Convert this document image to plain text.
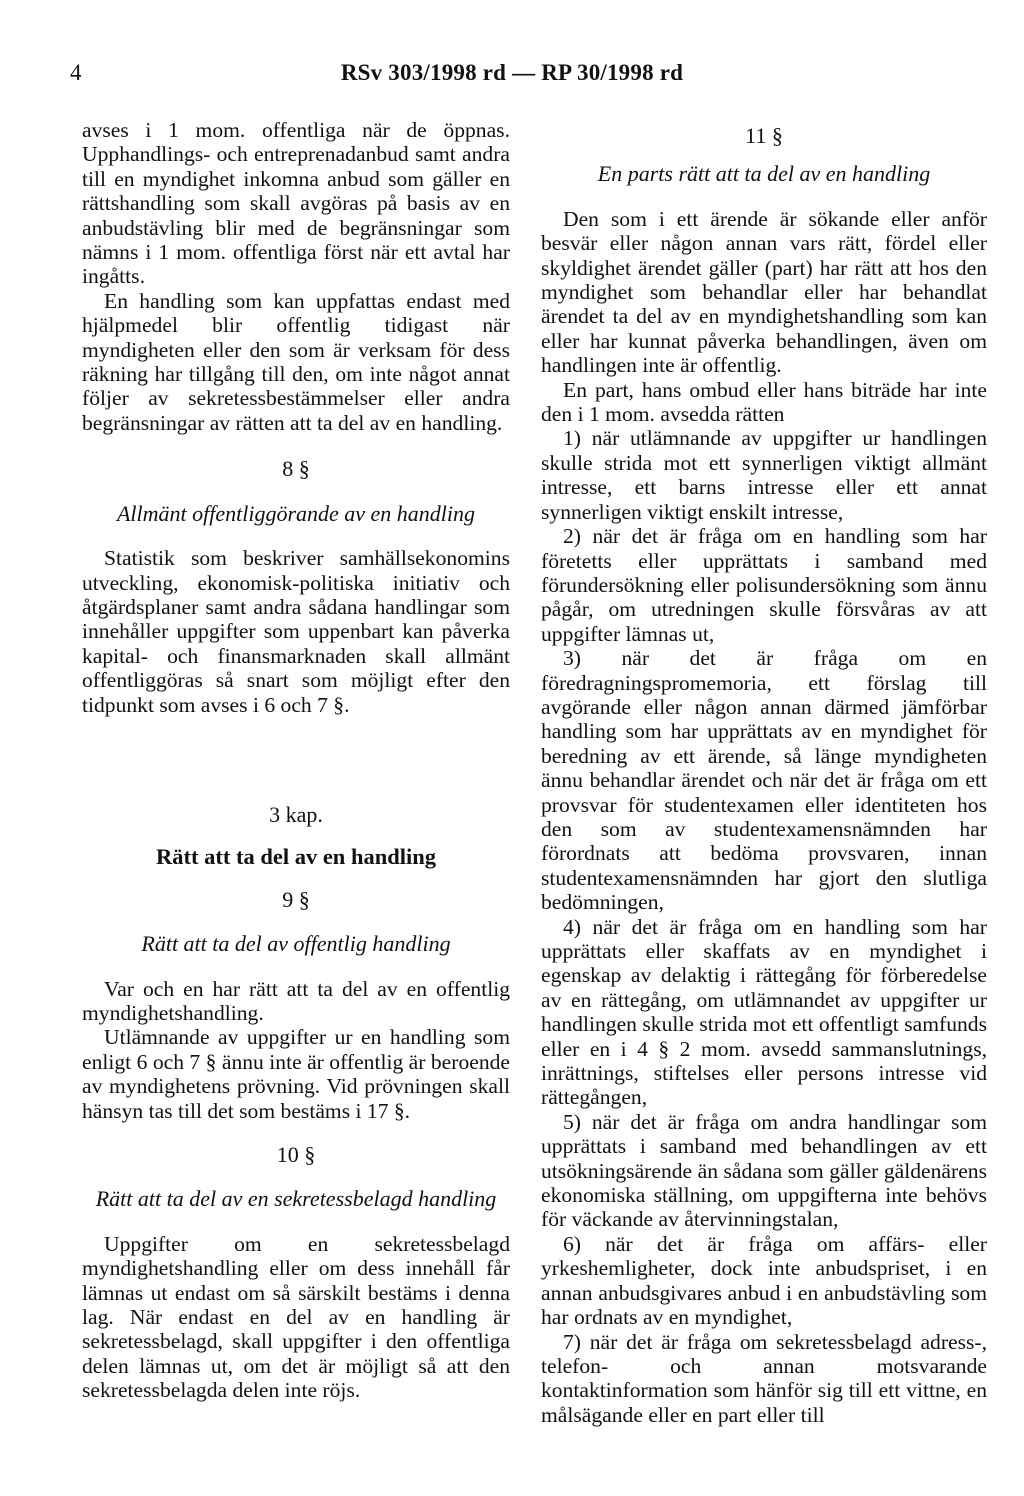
4	RSv 303/1998 rd — RP 30/1998 rd

avses i 1 mom. offentliga när de öppnas. Upphandlings- och entreprenadanbud samt andra till en myndighet inkomna anbud som gäller en rättshandling som skall avgöras på basis av en anbudstävling blir med de begränsningar som nämns i 1 mom. offentliga först när ett avtal har ingåtts.

En handling som kan uppfattas endast med hjälpmedel blir offentlig tidigast när myndigheten eller den som är verksam för dess räkning har tillgång till den, om inte något annat följer av sekretessbestämmelser eller andra begränsningar av rätten att ta del av en handling.

8 §
Allmänt offentliggörande av en handling

Statistik som beskriver samhällsekonomins utveckling, ekonomisk-politiska initiativ och åtgärdsplaner samt andra sådana handlingar som innehåller uppgifter som uppenbart kan påverka kapital- och finansmarknaden skall allmänt offentliggöras så snart som möjligt efter den tidpunkt som avses i 6 och 7 §.

3 kap.
Rätt att ta del av en handling
9 §
Rätt att ta del av offentlig handling

Var och en har rätt att ta del av en offentlig myndighetshandling.

Utlämnande av uppgifter ur en handling som enligt 6 och 7 § ännu inte är offentlig är beroende av myndighetens prövning. Vid prövningen skall hänsyn tas till det som bestäms i 17 §.

10 §
Rätt att ta del av en sekretessbelagd handling

Uppgifter om en sekretessbelagd myndighetshandling eller om dess innehåll får lämnas ut endast om så särskilt bestäms i denna lag. När endast en del av en handling är sekretessbelagd, skall uppgifter i den offentliga delen lämnas ut, om det är möjligt så att den sekretessbelagda delen inte röjs.

11 §
En parts rätt att ta del av en handling

Den som i ett ärende är sökande eller anför besvär eller någon annan vars rätt, fördel eller skyldighet ärendet gäller (part) har rätt att hos den myndighet som behandlar eller har behandlat ärendet ta del av en myndighetshandling som kan eller har kunnat påverka behandlingen, även om handlingen inte är offentlig.

En part, hans ombud eller hans biträde har inte den i 1 mom. avsedda rätten

1) när utlämnande av uppgifter ur handlingen skulle strida mot ett synnerligen viktigt allmänt intresse, ett barns intresse eller ett annat synnerligen viktigt enskilt intresse,

2) när det är fråga om en handling som har företetts eller upprättats i samband med förundersökning eller polisundersökning som ännu pågår, om utredningen skulle försvåras av att uppgifter lämnas ut,

3) när det är fråga om en föredragningspromemoria, ett förslag till avgörande eller någon annan därmed jämförbar handling som har upprättats av en myndighet för beredning av ett ärende, så länge myndigheten ännu behandlar ärendet och när det är fråga om ett provsvar för studentexamen eller identiteten hos den som av studentexamensnämnden har förordnats att bedöma provsvaren, innan studentexamensnämnden har gjort den slutliga bedömningen,

4) när det är fråga om en handling som har upprättats eller skaffats av en myndighet i egenskap av delaktig i rättegång för förberedelse av en rättegång, om utlämnandet av uppgifter ur handlingen skulle strida mot ett offentligt samfunds eller en i 4 § 2 mom. avsedd sammanslutnings, inrättnings, stiftelses eller persons intresse vid rättegången,

5) när det är fråga om andra handlingar som upprättats i samband med behandlingen av ett utsökningsärende än sådana som gäller gäldenärens ekonomiska ställning, om uppgifterna inte behövs för väckande av återvinningstalan,

6) när det är fråga om affärs- eller yrkeshemligheter, dock inte anbudspriset, i en annan anbudsgivares anbud i en anbudstävling som har ordnats av en myndighet,

7) när det är fråga om sekretessbelagd adress-, telefon- och annan motsvarande kontaktinformation som hänför sig till ett vittne, en målsägande eller en part eller till
